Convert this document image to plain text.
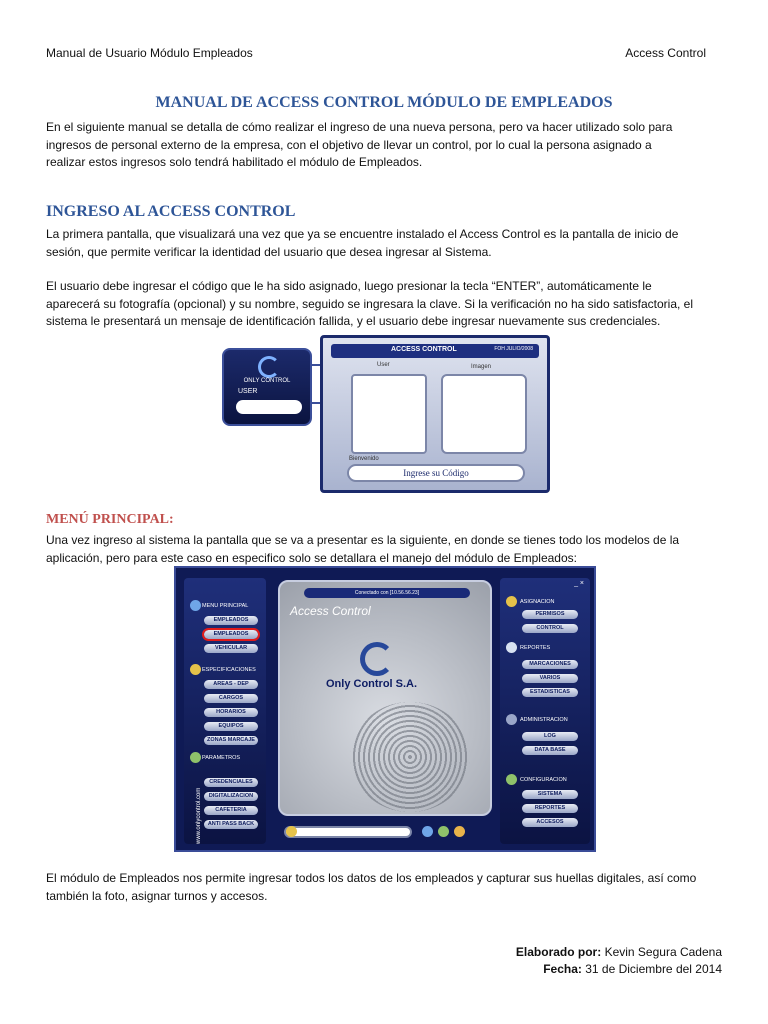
Manual de Usuario Módulo Empleados	Access Control
MANUAL DE ACCESS CONTROL MÓDULO DE EMPLEADOS
En el siguiente manual se detalla de cómo realizar el ingreso de una nueva persona, pero va hacer utilizado solo para
ingresos de personal externo de la empresa, con el objetivo de llevar un control, por lo cual la persona asignado a
realizar estos ingresos solo tendrá habilitado el módulo de Empleados.
INGRESO AL ACCESS CONTROL
La primera pantalla, que visualizará una vez que ya se encuentre instalado el Access Control es la pantalla de inicio de
sesión, que permite verificar la identidad del usuario que desea ingresar al Sistema.
El usuario debe ingresar el código que le ha sido asignado, luego presionar la tecla “ENTER”, automáticamente le
aparecerá su fotografía (opcional) y su nombre, seguido se ingresara la clave. Si la verificación no ha sido satisfactoria, el
sistema le presentará un mensaje de identificación fallida, y el usuario debe ingresar nuevamente sus credenciales.
ONLY CONTROL
USER
ACCESS CONTROL	FOH JULIO/2008
User	Imagen
Bienvenido
Ingrese su Código
MENÚ PRINCIPAL:
Una vez ingreso al sistema la pantalla que se va a presentar es la siguiente, en donde se tienes todo los modelos de la
aplicación, pero para este caso en especifico solo se detallara el manejo del módulo de Empleados:
www.onlycontrol.com
MENU PRINCIPAL
EMPLEADOS
EMPLEADOS
VEHICULAR
ESPECIFICACIONES
AREAS - DEP
CARGOS
HORARIOS
EQUIPOS
ZONAS MARCAJE
PARAMETROS
CREDENCIALES
DIGITALIZACION
CAFETERIA
ANTI PASS BACK
Conectado con [10.56.56.23]
Access Control
Only Control S.A.
_ ×
ASIGNACION
PERMISOS
CONTROL
REPORTES
MARCACIONES
VARIOS
ESTADISTICAS
ADMINISTRACION
LOG
DATA BASE
CONFIGURACION
SISTEMA
REPORTES
ACCESOS
El módulo de Empleados nos permite ingresar todos los datos de los empleados y capturar sus huellas digitales, así como
también la foto, asignar turnos y accesos.
Elaborado por: Kevin Segura Cadena
Fecha: 31 de Diciembre del 2014
